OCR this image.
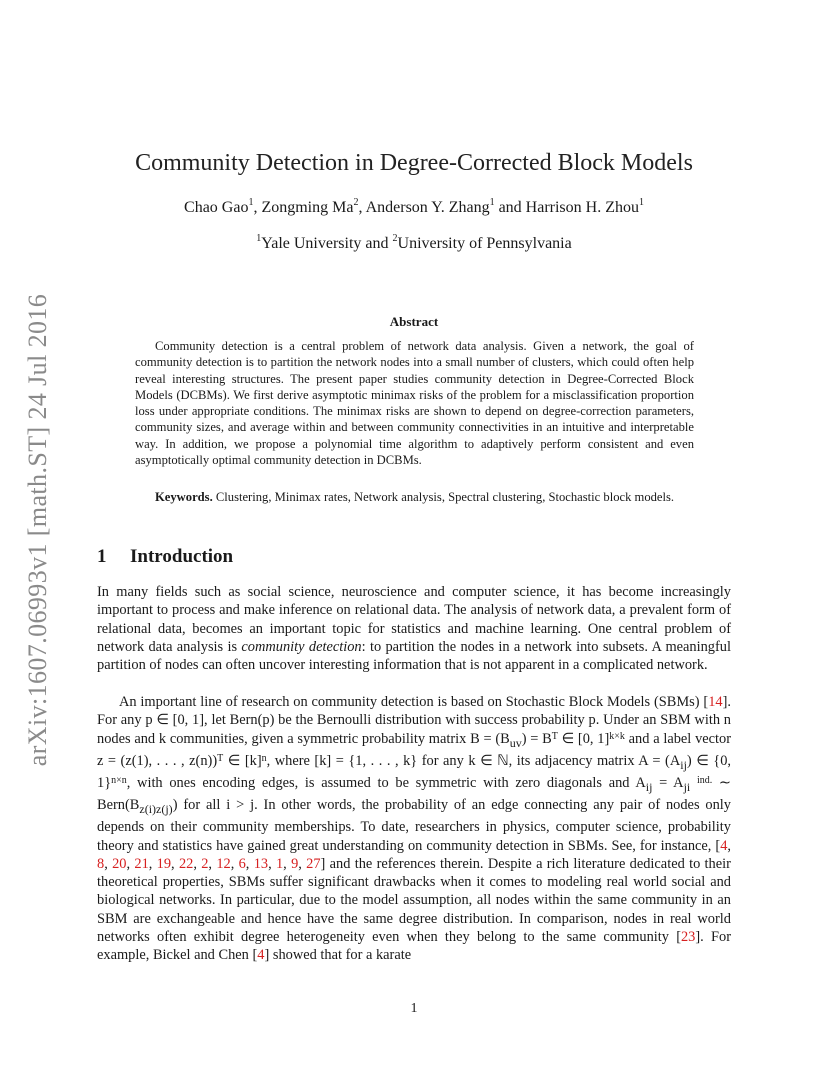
arXiv:1607.06993v1 [math.ST] 24 Jul 2016
Community Detection in Degree-Corrected Block Models
Chao Gao$^1$, Zongming Ma$^2$, Anderson Y. Zhang$^1$ and Harrison H. Zhou$^1$
$^1$Yale University and $^2$University of Pennsylvania
Abstract
Community detection is a central problem of network data analysis. Given a network, the goal of community detection is to partition the network nodes into a small number of clusters, which could often help reveal interesting structures. The present paper studies community detection in Degree-Corrected Block Models (DCBMs). We first derive asymptotic minimax risks of the problem for a misclassification proportion loss under appropriate conditions. The minimax risks are shown to depend on degree-correction parameters, community sizes, and average within and between community connectivities in an intuitive and interpretable way. In addition, we propose a polynomial time algorithm to adaptively perform consistent and even asymptotically optimal community detection in DCBMs.
Keywords. Clustering, Minimax rates, Network analysis, Spectral clustering, Stochastic block models.
1 Introduction
In many fields such as social science, neuroscience and computer science, it has become increasingly important to process and make inference on relational data. The analysis of network data, a prevalent form of relational data, becomes an important topic for statistics and machine learning. One central problem of network data analysis is community detection: to partition the nodes in a network into subsets. A meaningful partition of nodes can often uncover interesting information that is not apparent in a complicated network.
An important line of research on community detection is based on Stochastic Block Models (SBMs) [14]. For any p ∈ [0, 1], let Bern(p) be the Bernoulli distribution with success probability p. Under an SBM with n nodes and k communities, given a symmetric probability matrix $B = (B_{uv}) = B^T$ ∈ [0, 1]$^{k\times k}$ and a label vector z = (z(1), . . . , z(n))$^T$ ∈ $[k]^n$, where [k] = {1, . . . , k} for any k ∈ ℕ, its adjacency matrix $A = (A_{ij})$ ∈ {0, 1}$^{n\times n}$, with ones encoding edges, is assumed to be symmetric with zero diagonals and $A_{ij} = A_{ji}$ $^{ind.}$ ∼ $Bern(B_{z(i)z(j)})$ for all i > j. In other words, the probability of an edge connecting any pair of nodes only depends on their community memberships. To date, researchers in physics, computer science, probability theory and statistics have gained great understanding on community detection in SBMs. See, for instance, [4, 8, 20, 21, 19, 22, 2, 12, 6, 13, 1, 9, 27] and the references therein. Despite a rich literature dedicated to their theoretical properties, SBMs suffer significant drawbacks when it comes to modeling real world social and biological networks. In particular, due to the model assumption, all nodes within the same community in an SBM are exchangeable and hence have the same degree distribution. In comparison, nodes in real world networks often exhibit degree heterogeneity even when they belong to the same community [23]. For example, Bickel and Chen [4] showed that for a karate
1
